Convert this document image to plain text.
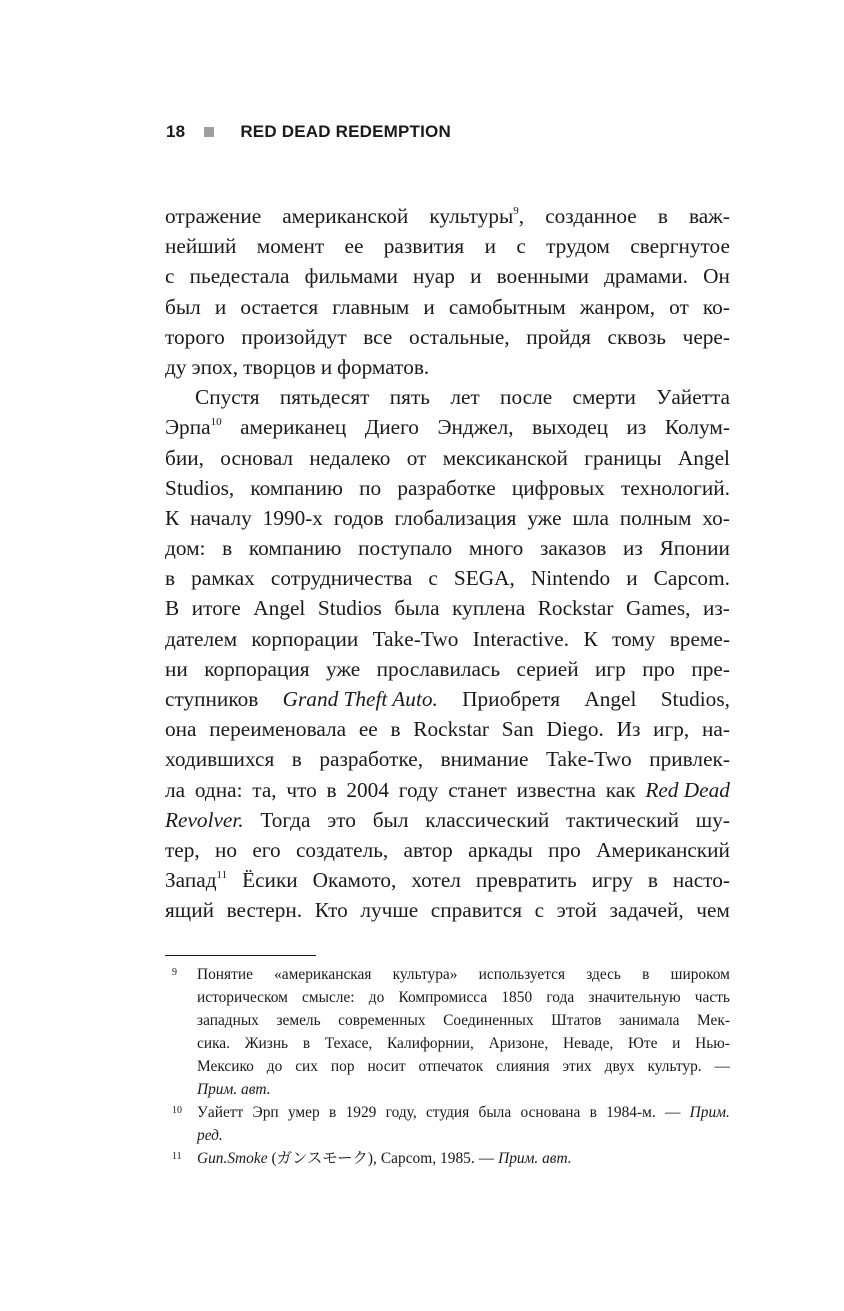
18	RED DEAD REDEMPTION
отражение американской культуры$^9$, созданное в важ-
нейший момент ее развития и с трудом свергнутое
с пьедестала фильмами нуар и военными драмами. Он
был и остается главным и самобытным жанром, от ко-
торого произойдут все остальные, пройдя сквозь чере-
ду эпох, творцов и форматов.
Спустя пятьдесят пять лет после смерти Уайетта
Эрпа$^{10}$ американец Диего Энджел, выходец из Колум-
бии, основал недалеко от мексиканской границы Angel
Studios, компанию по разработке цифровых технологий.
К началу 1990-х годов глобализация уже шла полным хо-
дом: в компанию поступало много заказов из Японии
в рамках сотрудничества с SEGA, Nintendo и Capcom.
В итоге Angel Studios была куплена Rockstar Games, из-
дателем корпорации Take-Two Interactive. К тому време-
ни корпорация уже прославилась серией игр про пре-
ступников Grand Theft Auto. Приобретя Angel Studios,
она переименовала ее в Rockstar San Diego. Из игр, на-
ходившихся в разработке, внимание Take-Two привлек-
ла одна: та, что в 2004 году станет известна как Red Dead
Revolver. Тогда это был классический тактический шу-
тер, но его создатель, автор аркады про Американский
Запад$^{11}$ Ёсики Окамото, хотел превратить игру в насто-
ящий вестерн. Кто лучше справится с этой задачей, чем
9 Понятие «американская культура» используется здесь в широком
историческом смысле: до Компромисса 1850 года значительную часть
западных земель современных Соединенных Штатов занимала Мек-
сика. Жизнь в Техасе, Калифорнии, Аризоне, Неваде, Юте и Нью-
Мексико до сих пор носит отпечаток слияния этих двух культур. —
Прим. авт.
10 Уайетт Эрп умер в 1929 году, студия была основана в 1984-м. — Прим.
ред.
11 Gun.Smoke (ガンスモーク), Capcom, 1985. — Прим. авт.
